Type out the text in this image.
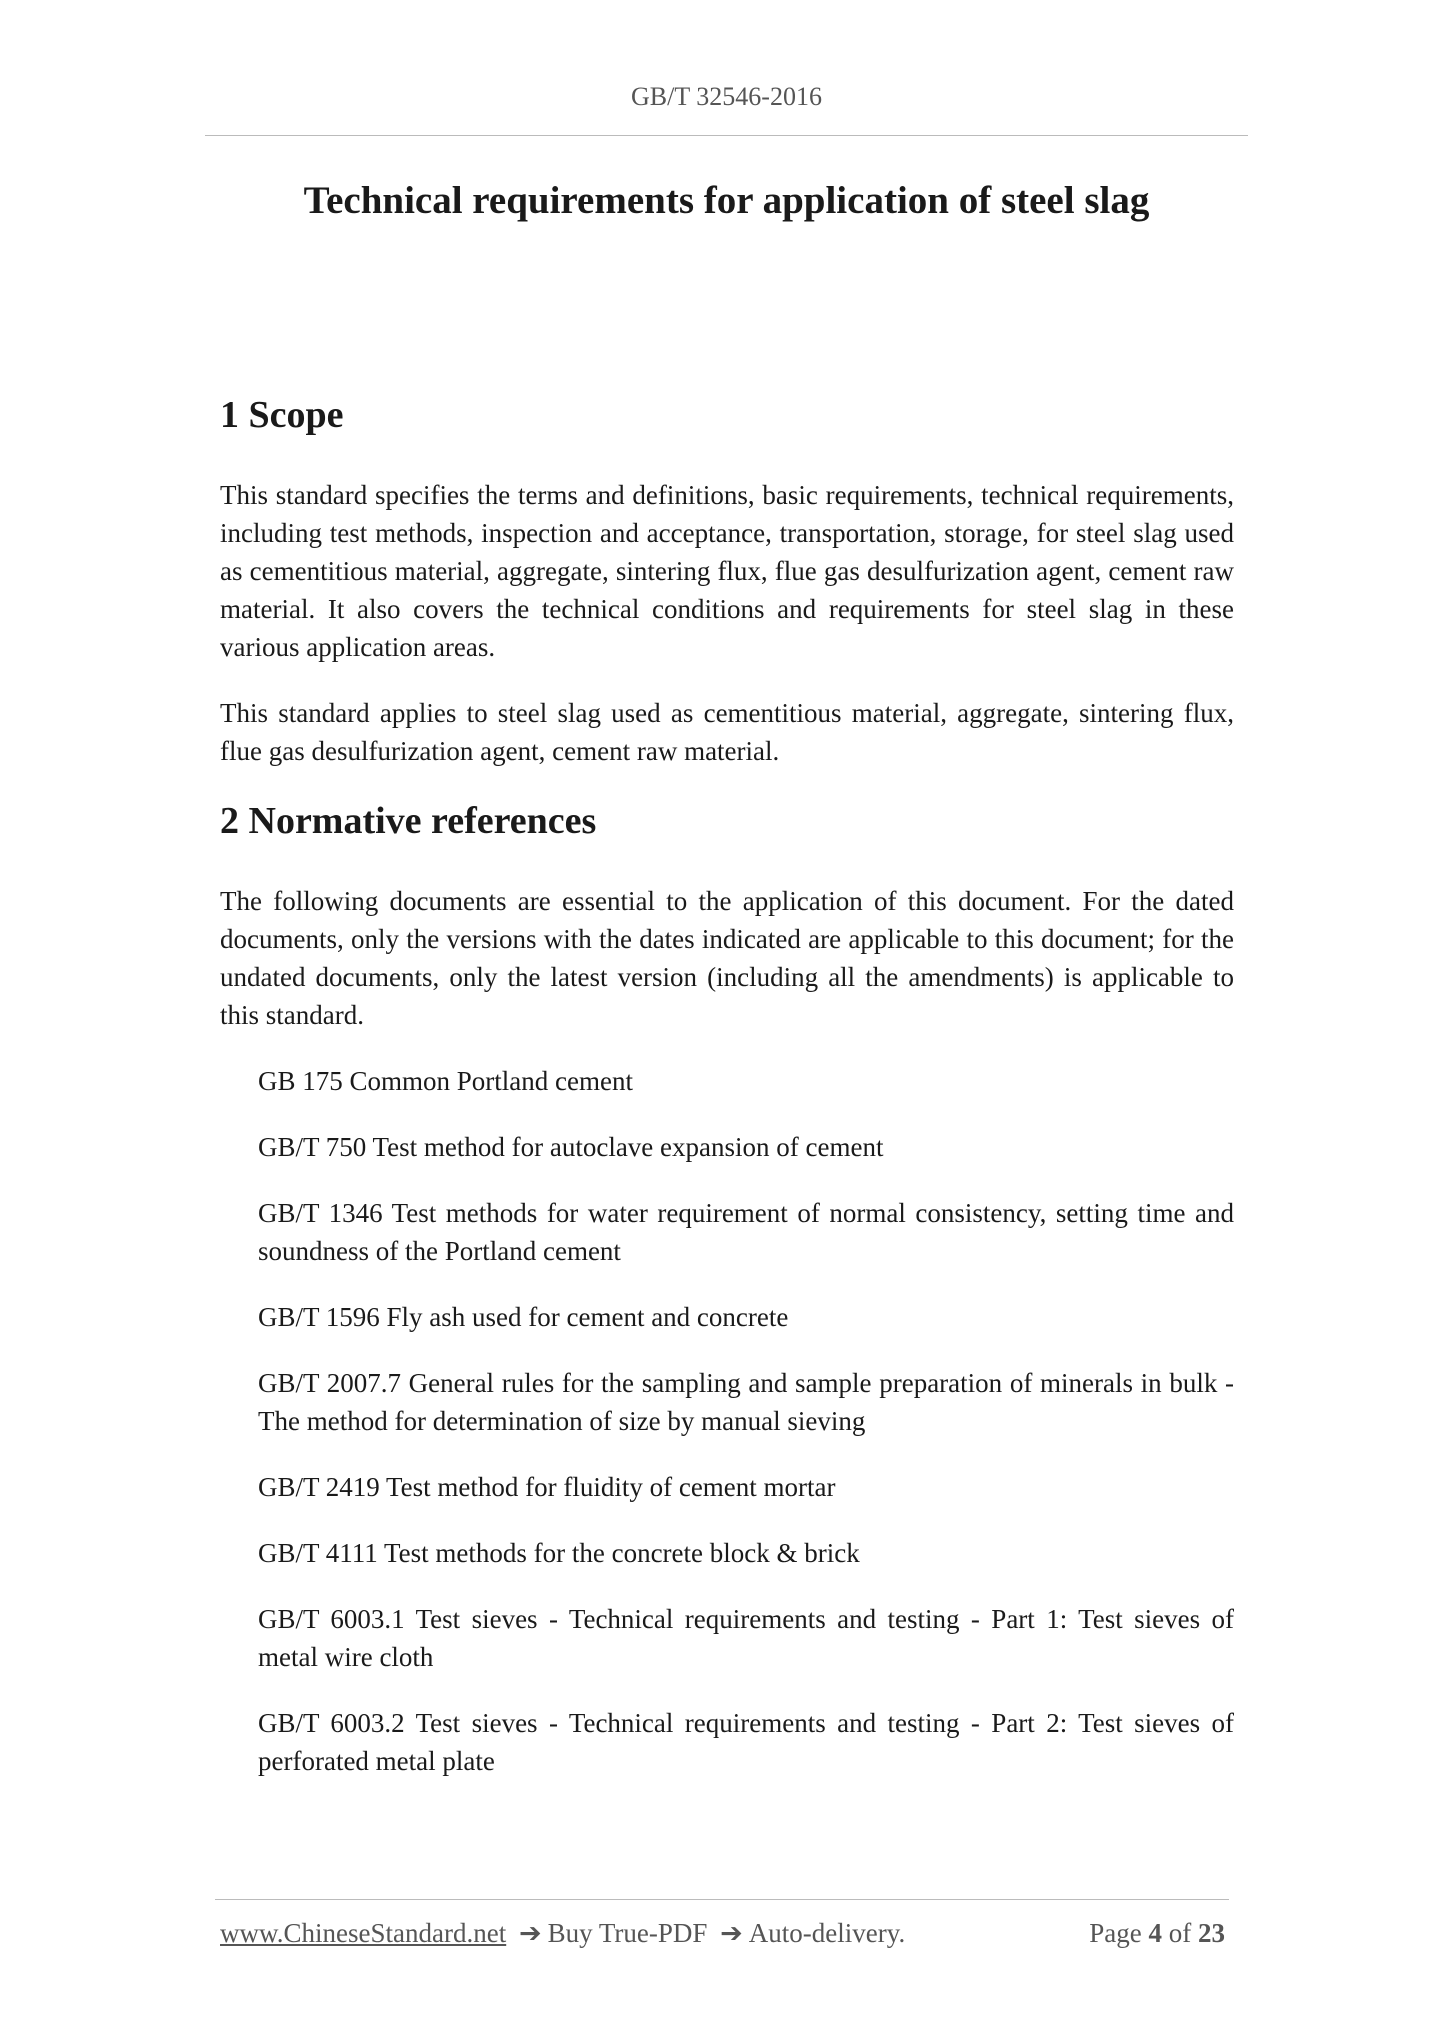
GB/T 32546-2016
Technical requirements for application of steel slag
1 Scope

This standard specifies the terms and definitions, basic requirements, technical requirements, including test methods, inspection and acceptance, transportation, storage, for steel slag used as cementitious material, aggregate, sintering flux, flue gas desulfurization agent, cement raw material. It also covers the technical conditions and requirements for steel slag in these various application areas.

This standard applies to steel slag used as cementitious material, aggregate, sintering flux, flue gas desulfurization agent, cement raw material.

2 Normative references

The following documents are essential to the application of this document. For the dated documents, only the versions with the dates indicated are applicable to this document; for the undated documents, only the latest version (including all the amendments) is applicable to this standard.

GB 175 Common Portland cement

GB/T 750 Test method for autoclave expansion of cement

GB/T 1346 Test methods for water requirement of normal consistency, setting time and soundness of the Portland cement

GB/T 1596 Fly ash used for cement and concrete

GB/T 2007.7 General rules for the sampling and sample preparation of minerals in bulk - The method for determination of size by manual sieving

GB/T 2419 Test method for fluidity of cement mortar

GB/T 4111 Test methods for the concrete block & brick

GB/T 6003.1 Test sieves - Technical requirements and testing - Part 1: Test sieves of metal wire cloth

GB/T 6003.2 Test sieves - Technical requirements and testing - Part 2: Test sieves of perforated metal plate

www.ChineseStandard.net ➔ Buy True-PDF ➔ Auto-delivery.	Page 4 of 23
